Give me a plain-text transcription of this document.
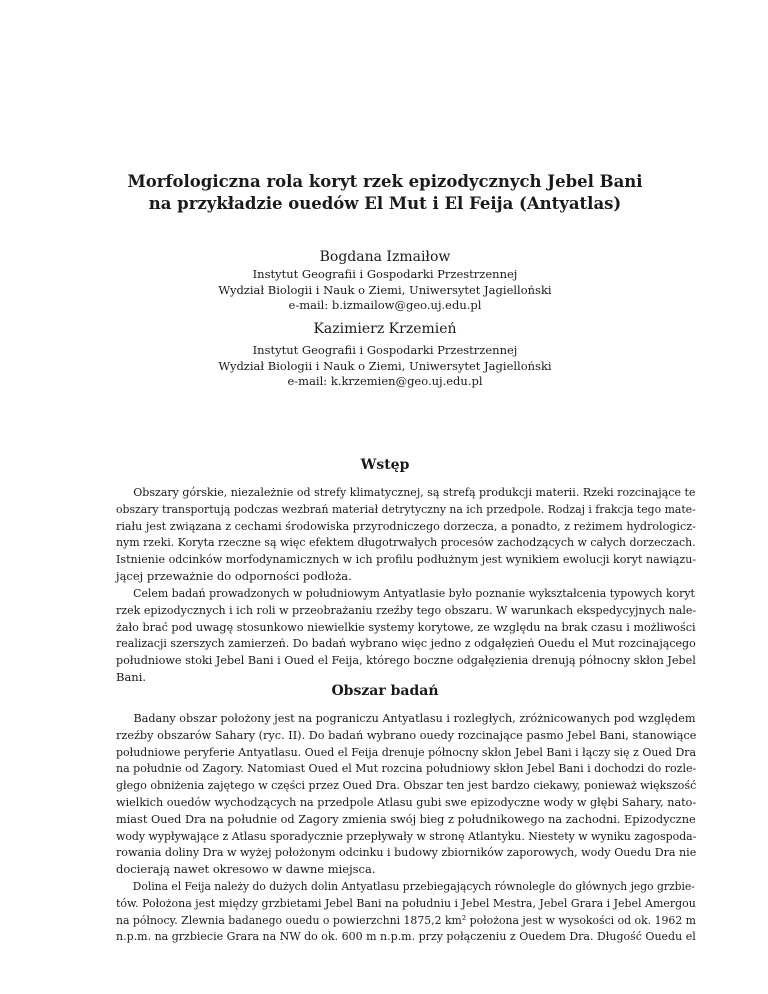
Morfologiczna rola koryt rzek epizodycznych Jebel Bani
na przykładzie ouedów El Mut i El Feija (Antyatlas)
Bogdana Izmaiłow
Instytut Geografii i Gospodarki Przestrzennej
Wydział Biologii i Nauk o Ziemi, Uniwersytet Jagielloński
e-mail: b.izmailow@geo.uj.edu.pl
Kazimierz Krzemień
Instytut Geografii i Gospodarki Przestrzennej
Wydział Biologii i Nauk o Ziemi, Uniwersytet Jagielloński
e-mail: k.krzemien@geo.uj.edu.pl
Wstęp
Obszary górskie, niezależnie od strefy klimatycznej, są strefą produkcji materii. Rzeki rozcinające te
obszary transportują podczas wezbrań materiał detrytyczny na ich przedpole. Rodzaj i frakcja tego mate-
riału jest związana z cechami środowiska przyrodniczego dorzecza, a ponadto, z reżimem hydrologicz-
nym rzeki. Koryta rzeczne są więc efektem długotrwałych procesów zachodzących w całych dorzeczach.
Istnienie odcinków morfodynamicznych w ich profilu podłużnym jest wynikiem ewolucji koryt nawiązu-
jącej przeważnie do odporności podłoża.
Celem badań prowadzonych w południowym Antyatlasie było poznanie wykształcenia typowych koryt
rzek epizodycznych i ich roli w przeobrażaniu rzeźby tego obszaru. W warunkach ekspedycyjnych nale-
żało brać pod uwagę stosunkowo niewielkie systemy korytowe, ze względu na brak czasu i możliwości
realizacji szerszych zamierzeń. Do badań wybrano więc jedno z odgałęzień Ouedu el Mut rozcinającego
południowe stoki Jebel Bani i Oued el Feija, którego boczne odgałęzienia drenują północny skłon Jebel
Bani.
Obszar badań
Badany obszar położony jest na pograniczu Antyatlasu i rozległych, zróżnicowanych pod względem
rzeźby obszarów Sahary (ryc. II). Do badań wybrano ouedy rozcinające pasmo Jebel Bani, stanowiące
południowe peryferie Antyatlasu. Oued el Feija drenuje północny skłon Jebel Bani i łączy się z Oued Dra
na południe od Zagory. Natomiast Oued el Mut rozcina południowy skłon Jebel Bani i dochodzi do rozle-
głego obniżenia zajętego w części przez Oued Dra. Obszar ten jest bardzo ciekawy, ponieważ większość
wielkich ouedów wychodzących na przedpole Atlasu gubi swe epizodyczne wody w głębi Sahary, nato-
miast Oued Dra na południe od Zagory zmienia swój bieg z południkowego na zachodni. Epizodyczne
wody wypływające z Atlasu sporadycznie przepływały w stronę Atlantyku. Niestety w wyniku zagospoda-
rowania doliny Dra w wyżej położonym odcinku i budowy zbiorników zaporowych, wody Ouedu Dra nie
docierają nawet okresowo w dawne miejsca.
Dolina el Feija należy do dużych dolin Antyatlasu przebiegających równolegle do głównych jego grzbie-
tów. Położona jest między grzbietami Jebel Bani na południu i Jebel Mestra, Jebel Grara i Jebel Amergou
na północy. Zlewnia badanego ouedu o powierzchni 1875,2 km² położona jest w wysokości od ok. 1962 m
n.p.m. na grzbiecie Grara na NW do ok. 600 m n.p.m. przy połączeniu z Ouedem Dra. Długość Ouedu el
